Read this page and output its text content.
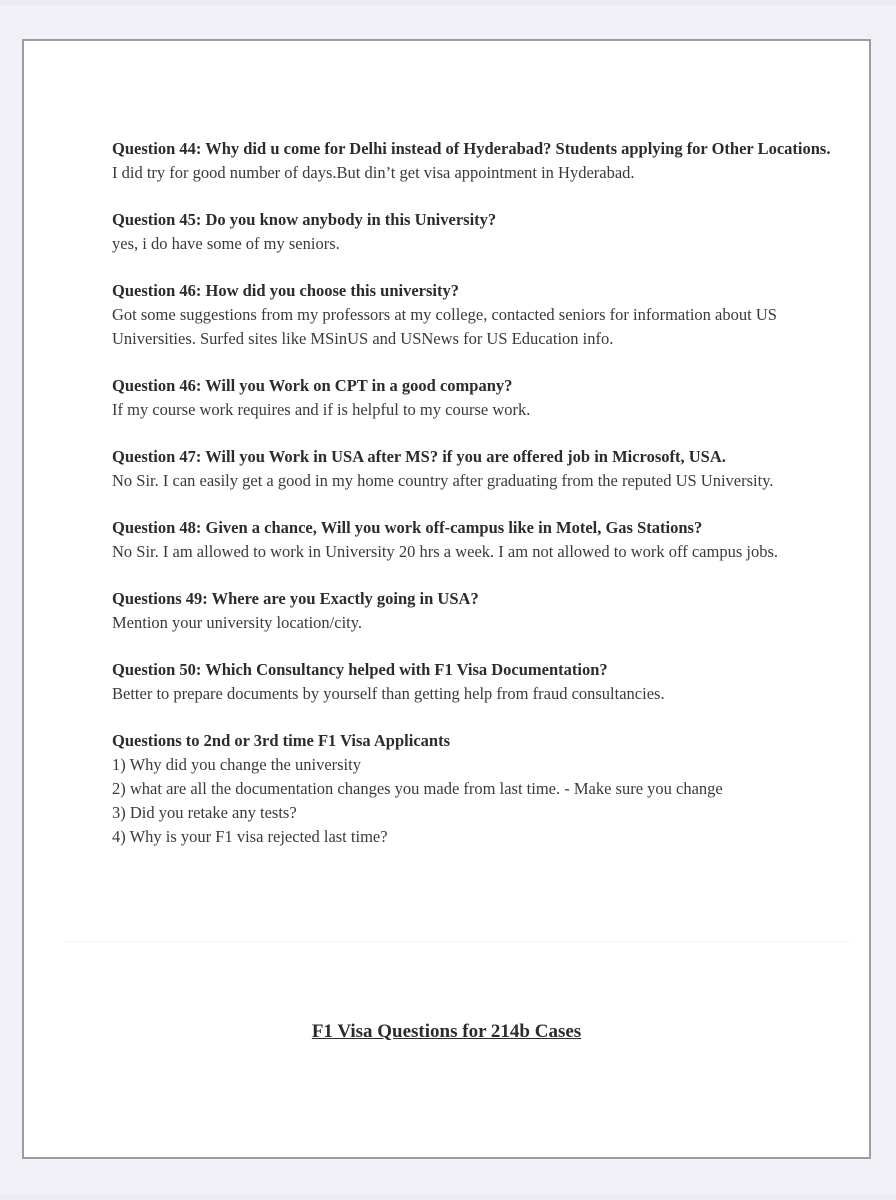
Question 44: Why did u come for Delhi instead of Hyderabad? Students applying for Other Locations.

I did try for good number of days.But din’t get visa appointment in Hyderabad.

Question 45: Do you know anybody in this University?

yes, i do have some of my seniors.

Question 46: How did you choose this university?

Got some suggestions from my professors at my college, contacted seniors for information about US Universities. Surfed sites like MSinUS and USNews for US Education info.

Question 46: Will you Work on CPT in a good company?

If my course work requires and if is helpful to my course work.

Question 47: Will you Work in USA after MS? if you are offered job in Microsoft, USA.

No Sir. I can easily get a good in my home country after graduating from the reputed US University.

Question 48: Given a chance, Will you work off-campus like in Motel, Gas Stations?

No Sir. I am allowed to work in University 20 hrs a week. I am not allowed to work off campus jobs.

Questions 49: Where are you Exactly going in USA?

Mention your university location/city.

Question 50: Which Consultancy helped with F1 Visa Documentation?

Better to prepare documents by yourself than getting help from fraud consultancies.

Questions to 2nd or 3rd time F1 Visa Applicants

1) Why did you change the university

2) what are all the documentation changes you made from last time. - Make sure you change

3) Did you retake any tests?

4) Why is your F1 visa rejected last time?

F1 Visa Questions for 214b Cases
